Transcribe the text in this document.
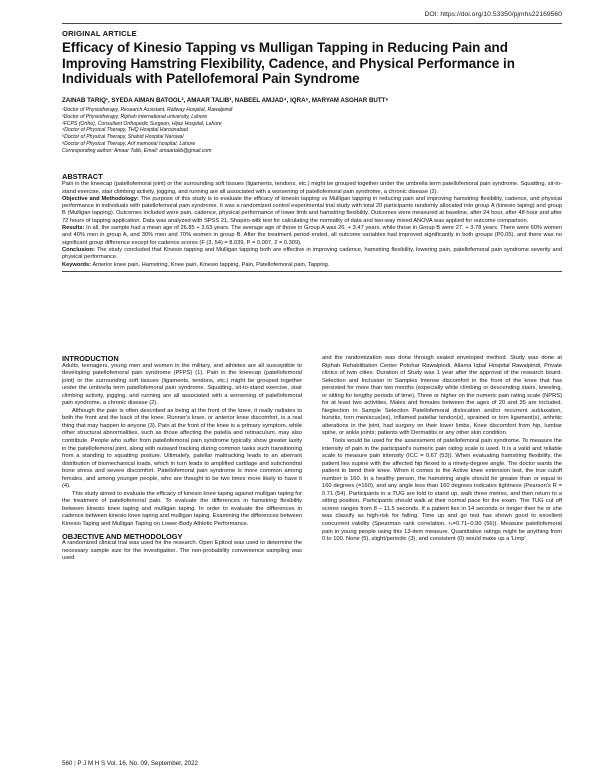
DOI: https://doi.org/10.53350/pjmhs22169560
ORIGINAL ARTICLE
Efficacy of Kinesio Tapping vs Mulligan Tapping in Reducing Pain and Improving Hamstring Flexibility, Cadence, and Physical Performance in Individuals with Patellofemoral Pain Syndrome
ZAINAB TARIQ¹, SYEDA AIMAN BATOOL², AMAAR TALIB³, NABEEL AMJAD⁴, IQRA⁵, MARYAM ASGHAR BUTT⁶
¹Doctor of Physiotherapy, Research Assistant, Railway Hospital, Rawalpindi
²Doctor of Physiotherapy, Riphah international university, Lahore
³FCPS (Ortho), Consultant Orthopedic Surgeon, Hijaz Hospital, Lahore
⁴Doctor of Physical Therapy, THQ Hospital Haroonabad
⁵Doctor of Physical Therapy, Shahid Hospital Narowal
⁶Doctor of Physical Therapy, Arif memorial hospital, Lahore
Corresponding author: Amaar Talib, Email: amaartalib@gmail.com
ABSTRACT

Pain in the kneecap (patellofemoral joint) or the surrounding soft tissues (ligaments, tendons, etc.) might be grouped together under the umbrella term patellofemoral pain syndrome. Squatting, sit-to-stand exercise, stair climbing activity, jogging, and running are all associated with a worsening of patellofemoral pain syndrome, a chronic disease (2).

Objective and Methodology: The purpose of this study is to evaluate the efficacy of kinesio tapping vs Mulligan tapping in reducing pain and improving hamstring flexibility, cadence, and physical performance in individuals with patellofemoral pain syndrome. It was a randomized control experimental trial study with total 20 participants randomly allocated into group A (kinesio taping) and group B (Mulligan tapping). Outcomes included were pain, cadence, physical performance of lower limb and hamstring flexibility. Outcomes were measured at baseline, after 24 hour, after 48 hour and after 72 hours of tapping application. Data was analyzed with SPSS 21, Shapiro-wilk test for calculating the normality of data and two-way mixed ANOVA was applied for outcome comparison.

Results: In all, the sample had a mean age of 26.85 + 3.63 years. The average age of those in Group A was 26. + 3.47 years, while those in Group B were 27. + 3.78 years. There were 60% women and 40% men in group A, and 30% men and 70% women in group B. After the treatment period ended, all outcome variables had improved significantly in both groups (P0.05), and there was no significant group difference except for cadence scores (F (3, 54) = 8.039, P = 0.007, 2 = 0.309).

Conclusion: The study concluded that Kinesio tapping and Mulligan tapping both are effective in improving cadence, hamstring flexibility, lowering pain, patellofemoral pain syndrome severity and physical performance.

Keywords: Anterior knee pain, Hamstring, Knee pain, Kinesio tapping, Pain, Patellofemoral pain, Tapping.

INTRODUCTION

Adults, teenagers, young men and women in the military, and athletes are all susceptible to developing patellofemoral pain syndrome (PFPS) (1). Pain in the kneecap (patellofemoral joint) or the surrounding soft tissues (ligaments, tendons, etc.) might be grouped together under the umbrella term patellofemoral pain syndrome. Squatting, sit-to-stand exercise, stair climbing activity, jogging, and running are all associated with a worsening of patellofemoral pain syndrome, a chronic disease (2).

Although the pain is often described as being at the front of the knee, it really radiates to both the front and the back of the knee. Runner's knee, or anterior knee discomfort, is a real thing that may happen to anyone (3). Pain at the front of the knee is a primary symptom, while other structural abnormalities, such as those affecting the patella and retinaculum, may also contribute. People who suffer from patellofemoral pain syndrome typically show greater laxity in the patellofemoral joint, along with outward tracking during common tasks such transitioning from a standing to squatting posture. Ultimately, patellar maltracking leads to an aberrant distribution of biomechanical loads, which in turn leads to amplified cartilage and subchondral bone stress and severe discomfort. Patellofemoral pain syndrome is more common among females, and among younger people, who are thought to be two times more likely to have it (4).

This study aimed to evaluate the efficacy of kinesio knee taping against mulligan taping for the treatment of patellofemoral pain. To evaluate the differences in hamstring flexibility between kinesio knee taping and mulligan taping. In order to evaluate the differences in cadence between kinesio knee taping and mulligan taping. Examining the differences between Kinesio Taping and Mulligan Taping on Lower-Body Athletic Performance.

OBJECTIVE AND METHODOLOGY

A randomized clinical trial was used for the research. Open Epitool was used to determine the necessary sample size for the investigation. The non-probability convenience sampling was used

and the randomization was done through sealed enveloped method. Study was done at Riphah Rehabilitation Center Potohar Rawalpindi, Allama Iqbal Hospital Rawalpindi, Private clinics of twin cities. Duration of Study was 1 year after the approval of the research board. Selection and Inclusion in Samples Intense discomfort in the front of the knee that has persisted for more than two months (especially while climbing or descending stairs, kneeling, or sitting for lengthy periods of time), Three or higher on the numeric pain rating scale (NPRS) for at least two activities, Males and females between the ages of 20 and 35 are included. Neglection in Sample Selection Patellofemoral dislocation and/or recurrent subluxation, bursitis, torn meniscus(es), inflamed patellar tendon(s), sprained or torn ligament(s), arthritic alterations in the joint, had surgery on their lower limbs, Knee discomfort from hip, lumbar spine, or ankle joints; patients with Dermatitis or any other skin condition.

Tools would be used for the assessment of patellofemoral pain syndrome. To measure the intensity of pain in the participant's numeric pain rating scale is used. It is a valid and reliable scale to measure pain intensity (ICC = 0.67 (53)). When evaluating hamstring flexibility, the patient lies supine with the affected hip flexed to a ninety-degree angle. The doctor wants the patient to bend their knee. When it comes to the Active knee extension test, the true cutoff number is 160. In a healthy person, the hamstring angle should be greater than or equal to 160 degrees (=160), and any angle less than 160 degrees indicates tightness (Pearson's R = 0.71 (54). Participants in a TUG are told to stand up, walk three metres, and then return to a sitting position. Participants should walk at their normal pace for the exam. The TUG cut off scores ranges from 8 – 11.5 seconds. If a patient lies in 14 seconds or longer then he or she was classify as high-risk for falling. Time up and go test has shown good to excellent concurrent validity (Spearman rank correlation, rₛ=0.71–0.90 (56)). Measure patellofemoral pain in young people using this 13-item measure. Quantitative ratings might be anything from 0 to 100. None (5), slight/periodic (3), and consistent (0) would make up a 'Limp'

560 | P J M H S Vol. 16, No. 09, September, 2022
